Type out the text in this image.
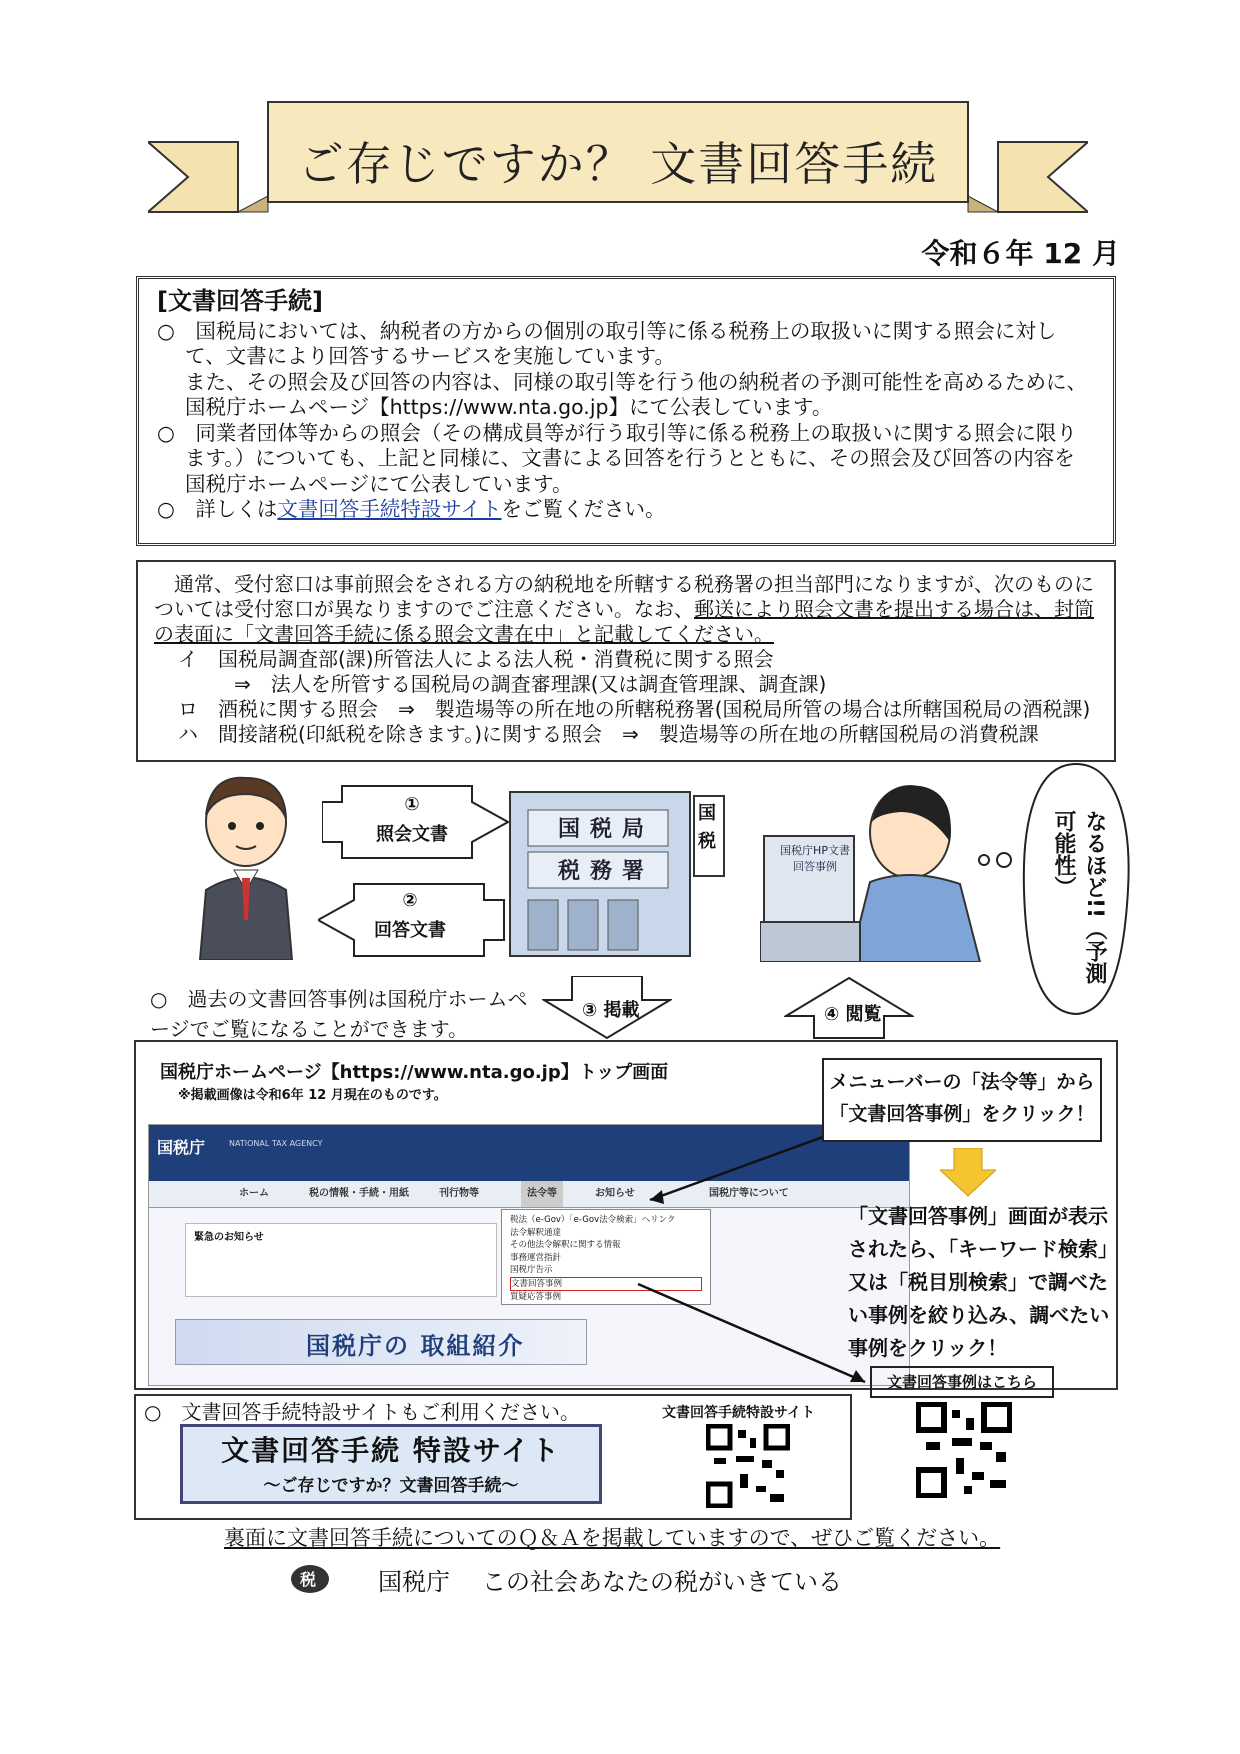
ご存じですか？ 文書回答手続
令和６年 12 月
[文書回答手続]

○　 国税局においては、納税者の方からの個別の取引等に係る税務上の取扱いに関する照会に対して、文書により回答するサービスを実施しています。

また、その照会及び回答の内容は、同様の取引等を行う他の納税者の予測可能性を高めるために、国税庁ホームページ【https://www.nta.go.jp】にて公表しています。

○　 同業者団体等からの照会（その構成員等が行う取引等に係る税務上の取扱いに関する照会に限ります。）についても、上記と同様に、文書による回答を行うとともに、その照会及び回答の内容を国税庁ホームページにて公表しています。

○　 詳しくは文書回答手続特設サイトをご覧ください。

通常、受付窓口は事前照会をされる方の納税地を所轄する税務署の担当部門になりますが、次のものについては受付窓口が異なりますのでご注意ください。なお、郵送により照会文書を提出する場合は、封筒の表面に「文書回答手続に係る照会文書在中」と記載してください。

イ　国税局調査部(課)所管法人による法人税・消費税に関する照会

⇒　法人を所管する国税局の調査審理課(又は調査管理課、調査課)

ロ　酒税に関する照会　⇒　製造場等の所在地の所轄税務署(国税局所管の場合は所轄国税局の酒税課)

ハ　間接諸税(印紙税を除きます。)に関する照会　⇒　製造場等の所在地の所轄国税局の消費税課

①
照会文書
②
回答文書
国税局
税務署
国税	国税庁HP文書回答事例	なるほど!!（予測可能性）
○　過去の文書回答事例は国税庁ホームページでご覧になることができます。
③ 掲載	④ 閲覧
国税庁ホームページ【https://www.nta.go.jp】トップ画面
※掲載画像は令和6年 12 月現在のものです。
国税庁	NATIONAL TAX AGENCY
ホーム	税の情報・手続・用紙	刊行物等	法令等	お知らせ	国税庁等について
緊急のお知らせ
税法（e-Gov）「e-Gov法令検索」へリンク
法令解釈通達
その他法令解釈に関する情報
事務運営指針
国税庁告示
文書回答事例
質疑応答事例
国税庁の 取組紹介
メニューバーの「法令等」から「文書回答事例」をクリック！
「文書回答事例」画面が表示されたら、「キーワード検索」又は「税目別検索」で調べたい事例を絞り込み、調べたい事例をクリック！
文書回答事例はこちら
○　文書回答手続特設サイトもご利用ください。
文書回答手続 特設サイト
～ご存じですか？文書回答手続～
文書回答手続特設サイト
裏面に文書回答手続についてのＱ＆Ａを掲載していますので、ぜひご覧ください。
税	国税庁 この社会あなたの税がいきている
